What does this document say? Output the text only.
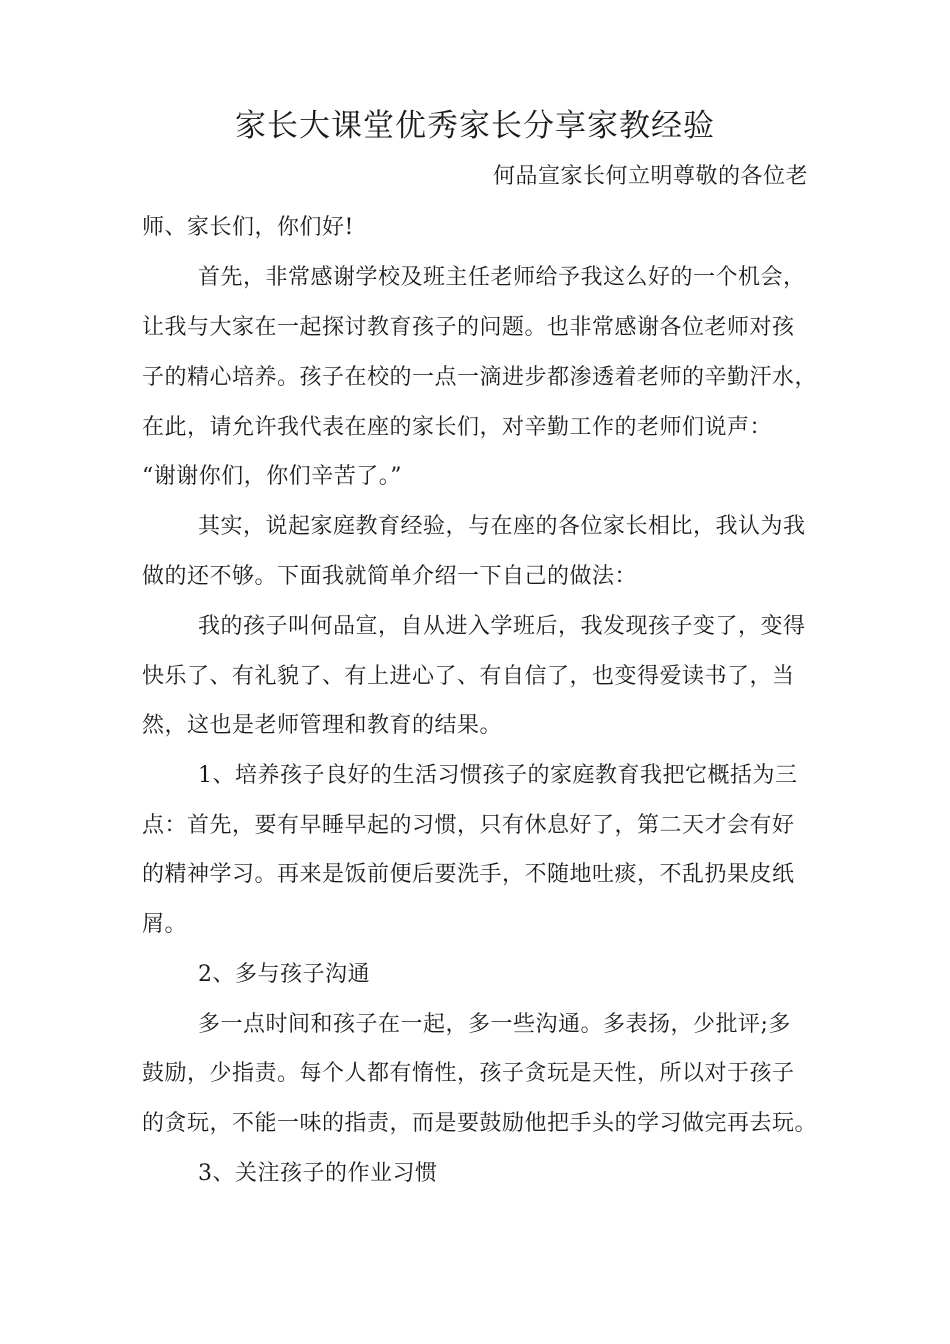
家长大课堂优秀家长分享家教经验
何品宣家长何立明尊敬的各位老
师、家长们，你们好!
首先，非常感谢学校及班主任老师给予我这么好的一个机会，
让我与大家在一起探讨教育孩子的问题。也非常感谢各位老师对孩
子的精心培养。孩子在校的一点一滴进步都渗透着老师的辛勤汗水，
在此，请允许我代表在座的家长们，对辛勤工作的老师们说声：
“谢谢你们，你们辛苦了。”
其实，说起家庭教育经验，与在座的各位家长相比，我认为我
做的还不够。下面我就简单介绍一下自己的做法：
我的孩子叫何品宣，自从进入学班后，我发现孩子变了，变得
快乐了、有礼貌了、有上进心了、有自信了，也变得爱读书了，当
然，这也是老师管理和教育的结果。
1、培养孩子良好的生活习惯孩子的家庭教育我把它概括为三
点：首先，要有早睡早起的习惯，只有休息好了，第二天才会有好
的精神学习。再来是饭前便后要洗手，不随地吐痰，不乱扔果皮纸
屑。
2、多与孩子沟通
多一点时间和孩子在一起，多一些沟通。多表扬，少批评;多
鼓励，少指责。每个人都有惰性，孩子贪玩是天性，所以对于孩子
的贪玩，不能一味的指责，而是要鼓励他把手头的学习做完再去玩。
3、关注孩子的作业习惯
